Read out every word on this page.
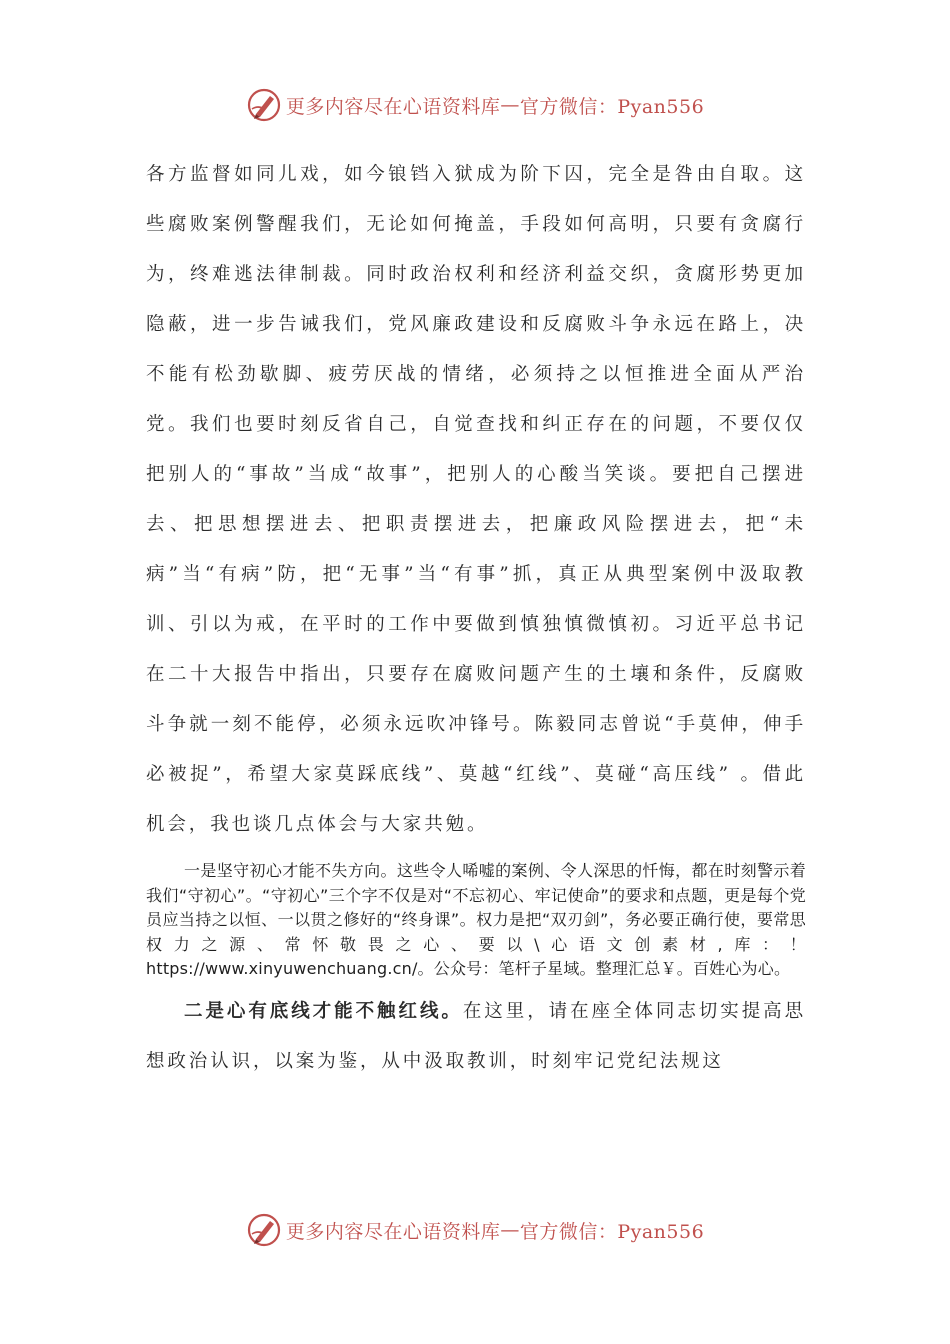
更多内容尽在心语资料库 — 官方微信：Pyan556

各方监督如同儿戏，如今锒铛入狱成为阶下囚，完全是咎由自取。这些腐败案例警醒我们，无论如何掩盖，手段如何高明，只要有贪腐行为，终难逃法律制裁。同时政治权利和经济利益交织，贪腐形势更加隐蔽，进一步告诫我们，党风廉政建设和反腐败斗争永远在路上，决不能有松劲歇脚、疲劳厌战的情绪，必须持之以恒推进全面从严治党。我们也要时刻反省自己，自觉查找和纠正存在的问题，不要仅仅把别人的“事故”当成“故事”，把别人的心酸当笑谈。要把自己摆进去、把思想摆进去、把职责摆进去，把廉政风险摆进去，把“未病”当“有病”防，把“无事”当“有事”抓，真正从典型案例中汲取教训、引以为戒，在平时的工作中要做到慎独慎微慎初。习近平总书记在二十大报告中指出，只要存在腐败问题产生的土壤和条件，反腐败斗争就一刻不能停，必须永远吹冲锋号。陈毅同志曾说“手莫伸，伸手必被捉”，希望大家莫踩底线”、莫越“红线”、莫碰“高压线” 。借此机会，我也谈几点体会与大家共勉。

一是坚守初心才能不失方向。这些令人唏嘘的案例、令人深思的忏悔，都在时刻警示着我们“守初心”。“守初心”三个字不仅是对“不忘初心、牢记使命”的要求和点题，更是每个党员应当持之以恒、一以贯之修好的“终身课”。权力是把“双刃剑”，务必要正确行使，要常思权力之源、常怀敬畏之心、要以\心语文创素材,库：！https://www.xinyuwenchuang.cn/。公众号：笔杆子星域。整理汇总￥。百姓心为心。

二是心有底线才能不触红线。在这里，请在座全体同志切实提高思想政治认识，以案为鉴，从中汲取教训，时刻牢记党纪法规这

更多内容尽在心语资料库 — 官方微信：Pyan556
